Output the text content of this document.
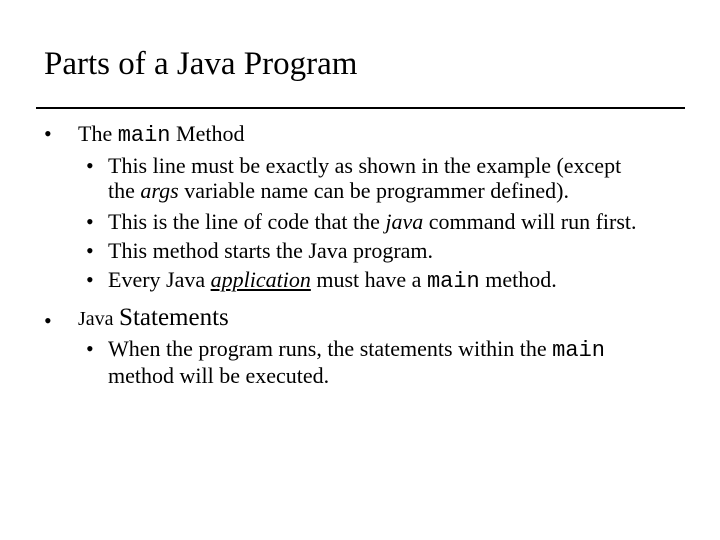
Parts of a Java Program
• The main Method
• This line must be exactly as shown in the example (except
the args variable name can be programmer defined).
• This is the line of code that the java command will run first.
• This method starts the Java program.
• Every Java application must have a main method.
• Java Statements
• When the program runs, the statements within the main
method will be executed.
